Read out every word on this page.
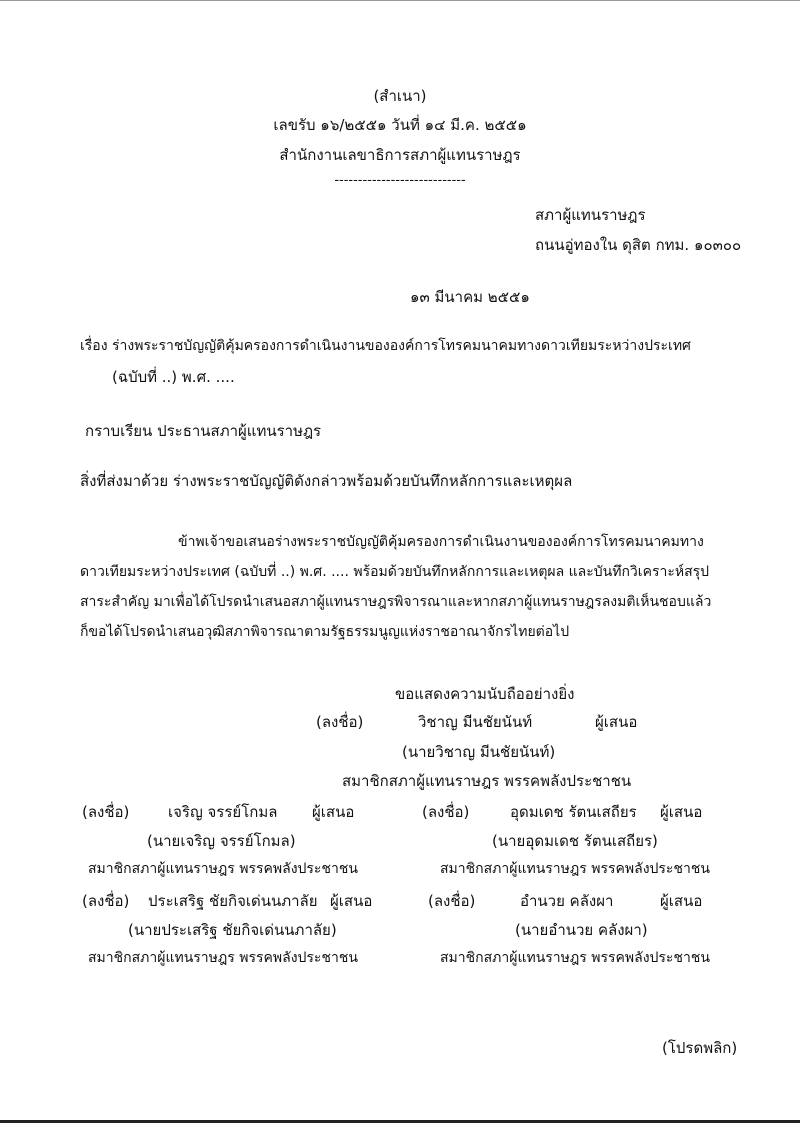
(สำเนา)
เลขรับ ๑๖/๒๕๕๑ วันที่ ๑๔ มี.ค. ๒๕๕๑
สำนักงานเลขาธิการสภาผู้แทนราษฎร
----------------------------
สภาผู้แทนราษฎร
ถนนอู่ทองใน ดุสิต กทม. ๑๐๓๐๐
๑๓ มีนาคม ๒๕๕๑
เรื่อง ร่างพระราชบัญญัติคุ้มครองการดำเนินงานขององค์การโทรคมนาคมทางดาวเทียมระหว่างประเทศ
(ฉบับที่ ..) พ.ศ. ....
กราบเรียน ประธานสภาผู้แทนราษฎร
สิ่งที่ส่งมาด้วย ร่างพระราชบัญญัติดังกล่าวพร้อมด้วยบันทึกหลักการและเหตุผล
ข้าพเจ้าขอเสนอร่างพระราชบัญญัติคุ้มครองการดำเนินงานขององค์การโทรคมนาคมทาง
ดาวเทียมระหว่างประเทศ (ฉบับที่ ..) พ.ศ. .... พร้อมด้วยบันทึกหลักการและเหตุผล และบันทึกวิเคราะห์สรุป
สาระสำคัญ มาเพื่อได้โปรดนำเสนอสภาผู้แทนราษฎรพิจารณาและหากสภาผู้แทนราษฎรลงมติเห็นชอบแล้ว
ก็ขอได้โปรดนำเสนอวุฒิสภาพิจารณาตามรัฐธรรมนูญแห่งราชอาณาจักรไทยต่อไป
ขอแสดงความนับถืออย่างยิ่ง
(ลงชื่อ)	วิชาญ มีนชัยนันท์	ผู้เสนอ
(นายวิชาญ มีนชัยนันท์)
สมาชิกสภาผู้แทนราษฎร พรรคพลังประชาชน
(ลงชื่อ)	เจริญ จรรย์โกมล ผู้เสนอ	(ลงชื่อ)	อุดมเดช รัตนเสถียร ผู้เสนอ
(นายเจริญ จรรย์โกมล)	(นายอุดมเดช รัตนเสถียร)
สมาชิกสภาผู้แทนราษฎร พรรคพลังประชาชน	สมาชิกสภาผู้แทนราษฎร พรรคพลังประชาชน
(ลงชื่อ) ประเสริฐ ชัยกิจเด่นนภาลัย ผู้เสนอ	(ลงชื่อ)	อำนวย คลังผา	ผู้เสนอ
(นายประเสริฐ ชัยกิจเด่นนภาลัย)	(นายอำนวย คลังผา)
สมาชิกสภาผู้แทนราษฎร พรรคพลังประชาชน	สมาชิกสภาผู้แทนราษฎร พรรคพลังประชาชน
(โปรดพลิก)
